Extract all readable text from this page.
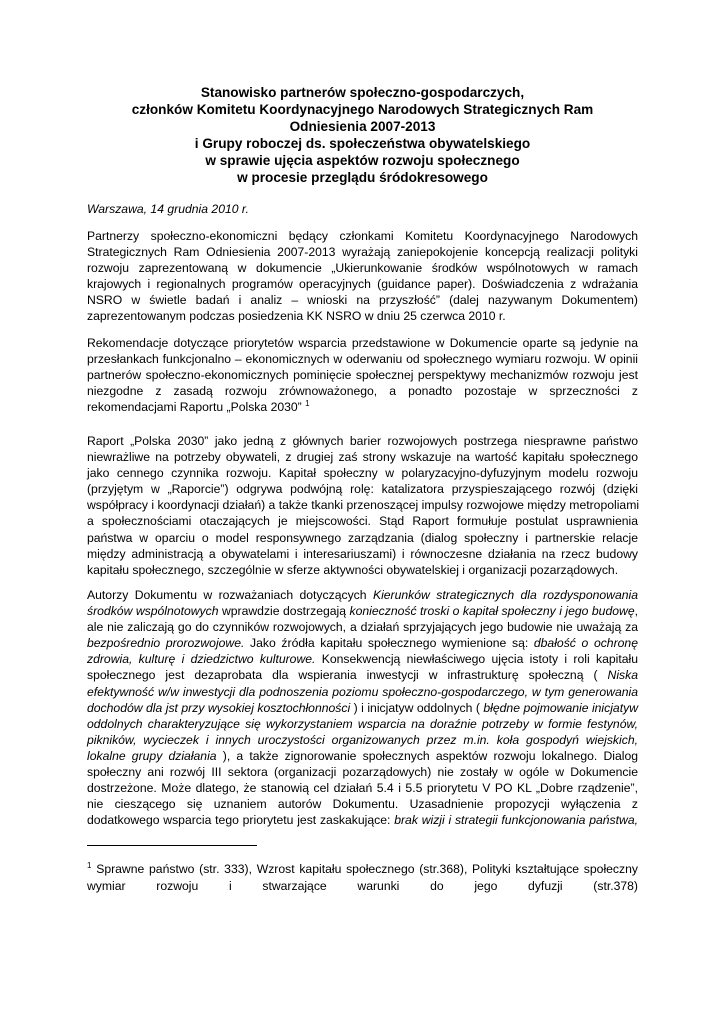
Stanowisko partnerów społeczno-gospodarczych,
członków Komitetu Koordynacyjnego Narodowych Strategicznych Ram
Odniesienia 2007-2013
i Grupy roboczej ds. społeczeństwa obywatelskiego
w sprawie ujęcia aspektów rozwoju społecznego
w procesie przeglądu śródokresowego
Warszawa, 14 grudnia 2010 r.
Partnerzy społeczno-ekonomiczni będący członkami Komitetu Koordynacyjnego Narodowych
Strategicznych Ram Odniesienia 2007-2013 wyrażają zaniepokojenie koncepcją realizacji polityki
rozwoju zaprezentowaną w dokumencie „Ukierunkowanie środków wspólnotowych w ramach
krajowych i regionalnych programów operacyjnych (guidance paper). Doświadczenia z wdrażania
NSRO w świetle badań i analiz – wnioski na przyszłość” (dalej nazywanym Dokumentem)
zaprezentowanym podczas posiedzenia KK NSRO w dniu 25 czerwca 2010 r.
Rekomendacje dotyczące priorytetów wsparcia przedstawione w Dokumencie oparte są jedynie na
przesłankach funkcjonalno – ekonomicznych w oderwaniu od społecznego wymiaru rozwoju. W opinii
partnerów społeczno-ekonomicznych pominięcie społecznej perspektywy mechanizmów rozwoju jest
niezgodne z zasadą rozwoju zrównoważonego, a ponadto pozostaje w sprzeczności z
rekomendacjami Raportu „Polska 2030” $^1$
Raport „Polska 2030” jako jedną z głównych barier rozwojowych postrzega niesprawne państwo
niewrażliwe na potrzeby obywateli, z drugiej zaś strony wskazuje na wartość kapitału społecznego
jako cennego czynnika rozwoju. Kapitał społeczny w polaryzacyjno-dyfuzyjnym modelu rozwoju
(przyjętym w „Raporcie”) odgrywa podwójną rolę: katalizatora przyspieszającego rozwój (dzięki
współpracy i koordynacji działań) a także tkanki przenoszącej impulsy rozwojowe między metropoliami
a społecznościami otaczających je miejscowości. Stąd Raport formułuje postulat usprawnienia
państwa w oparciu o model responsywnego zarządzania (dialog społeczny i partnerskie relacje
między administracją a obywatelami i interesariuszami) i równoczesne działania na rzecz budowy
kapitału społecznego, szczególnie w sferze aktywności obywatelskiej i organizacji pozarządowych.
Autorzy Dokumentu w rozważaniach dotyczących Kierunków strategicznych dla rozdysponowania
środków wspólnotowych wprawdzie dostrzegają konieczność troski o kapitał społeczny i jego budowę,
ale nie zaliczają go do czynników rozwojowych, a działań sprzyjających jego budowie nie uważają za
bezpośrednio prorozwojowe. Jako źródła kapitału społecznego wymienione są: dbałość o ochronę
zdrowia, kulturę i dziedzictwo kulturowe. Konsekwencją niewłaściwego ujęcia istoty i roli kapitału
społecznego jest dezaprobata dla wspierania inwestycji w infrastrukturę społeczną ( Niska
efektywność w/w inwestycji dla podnoszenia poziomu społeczno-gospodarczego, w tym generowania
dochodów dla jst przy wysokiej kosztochłonności ) i inicjatyw oddolnych ( błędne pojmowanie inicjatyw
oddolnych charakteryzujące się wykorzystaniem wsparcia na doraźnie potrzeby w formie festynów,
pikników, wycieczek i innych uroczystości organizowanych przez m.in. koła gospodyń wiejskich,
lokalne grupy działania ), a także zignorowanie społecznych aspektów rozwoju lokalnego. Dialog
społeczny ani rozwój III sektora (organizacji pozarządowych) nie zostały w ogóle w Dokumencie
dostrzeżone. Może dlatego, że stanowią cel działań 5.4 i 5.5 priorytetu V PO KL „Dobre rządzenie”,
nie cieszącego się uznaniem autorów Dokumentu. Uzasadnienie propozycji wyłączenia z
dodatkowego wsparcia tego priorytetu jest zaskakujące: brak wizji i strategii funkcjonowania państwa,
$^1$ Sprawne państwo (str. 333), Wzrost kapitału społecznego (str.368), Polityki kształtujące społeczny
wymiar rozwoju i stwarzające warunki do jego dyfuzji (str.378)
